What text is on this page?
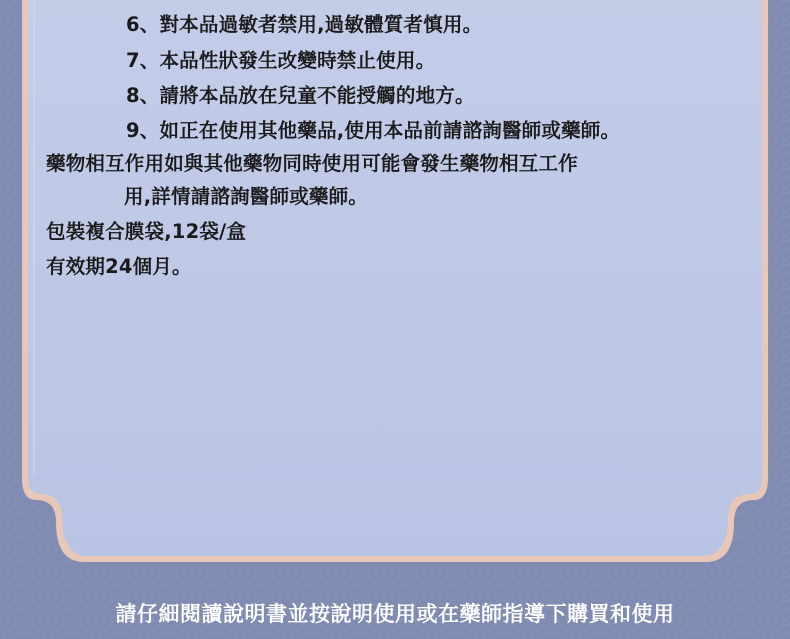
6、對本品過敏者禁用,過敏體質者慎用。
7、本品性狀發生改變時禁止使用。
8、請將本品放在兒童不能授觸的地方。
9、如正在使用其他藥品,使用本品前請諮詢醫師或藥師。
藥物相互作用如與其他藥物同時使用可能會發生藥物相互工作
用,詳情請諮詢醫師或藥師。
包裝複合膜袋,12袋/盒
有效期24個月。
請仔細閱讀說明書並按說明使用或在藥師指導下購買和使用
